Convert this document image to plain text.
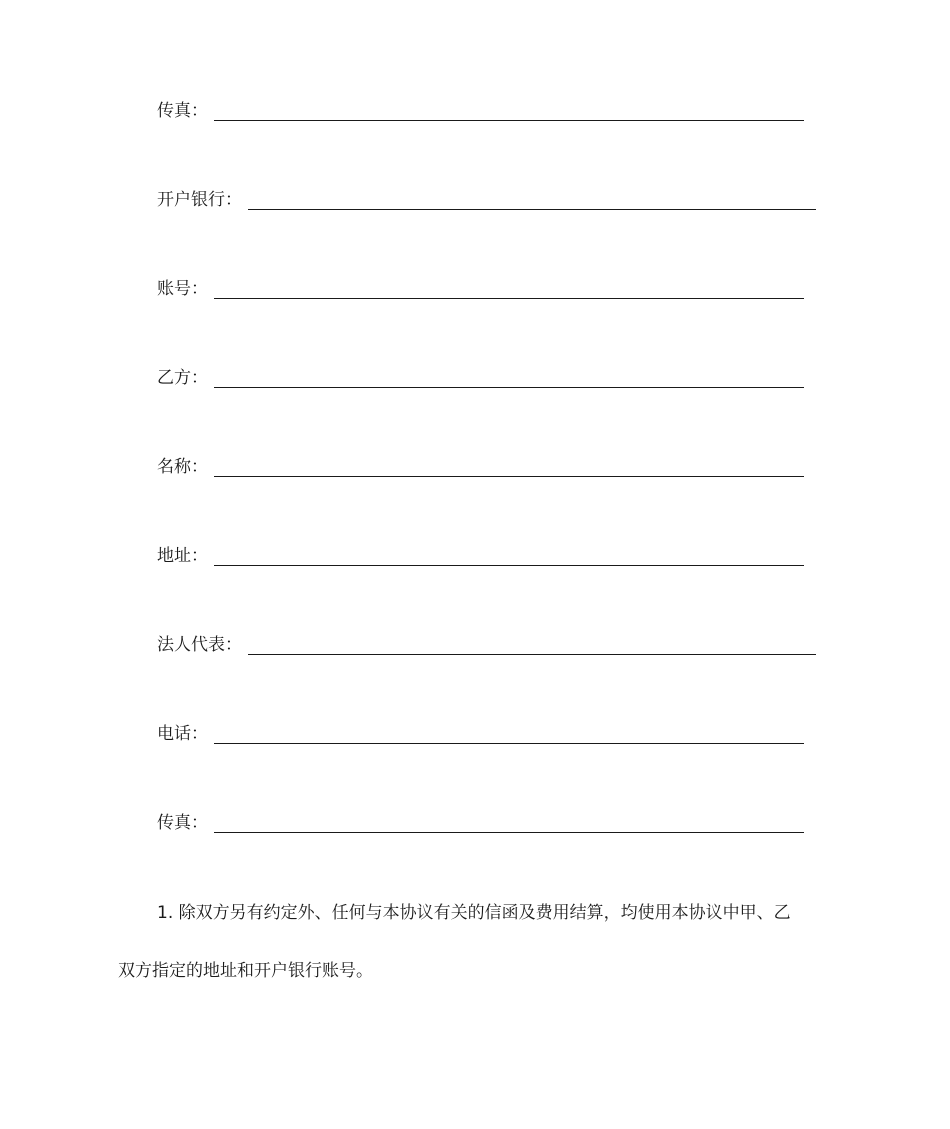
传真：
开户银行：
账号：
乙方：
名称：
地址：
法人代表：
电话：
传真：
1. 除双方另有约定外、任何与本协议有关的信函及费用结算，均使用本协议中甲、乙
双方指定的地址和开户银行账号。
